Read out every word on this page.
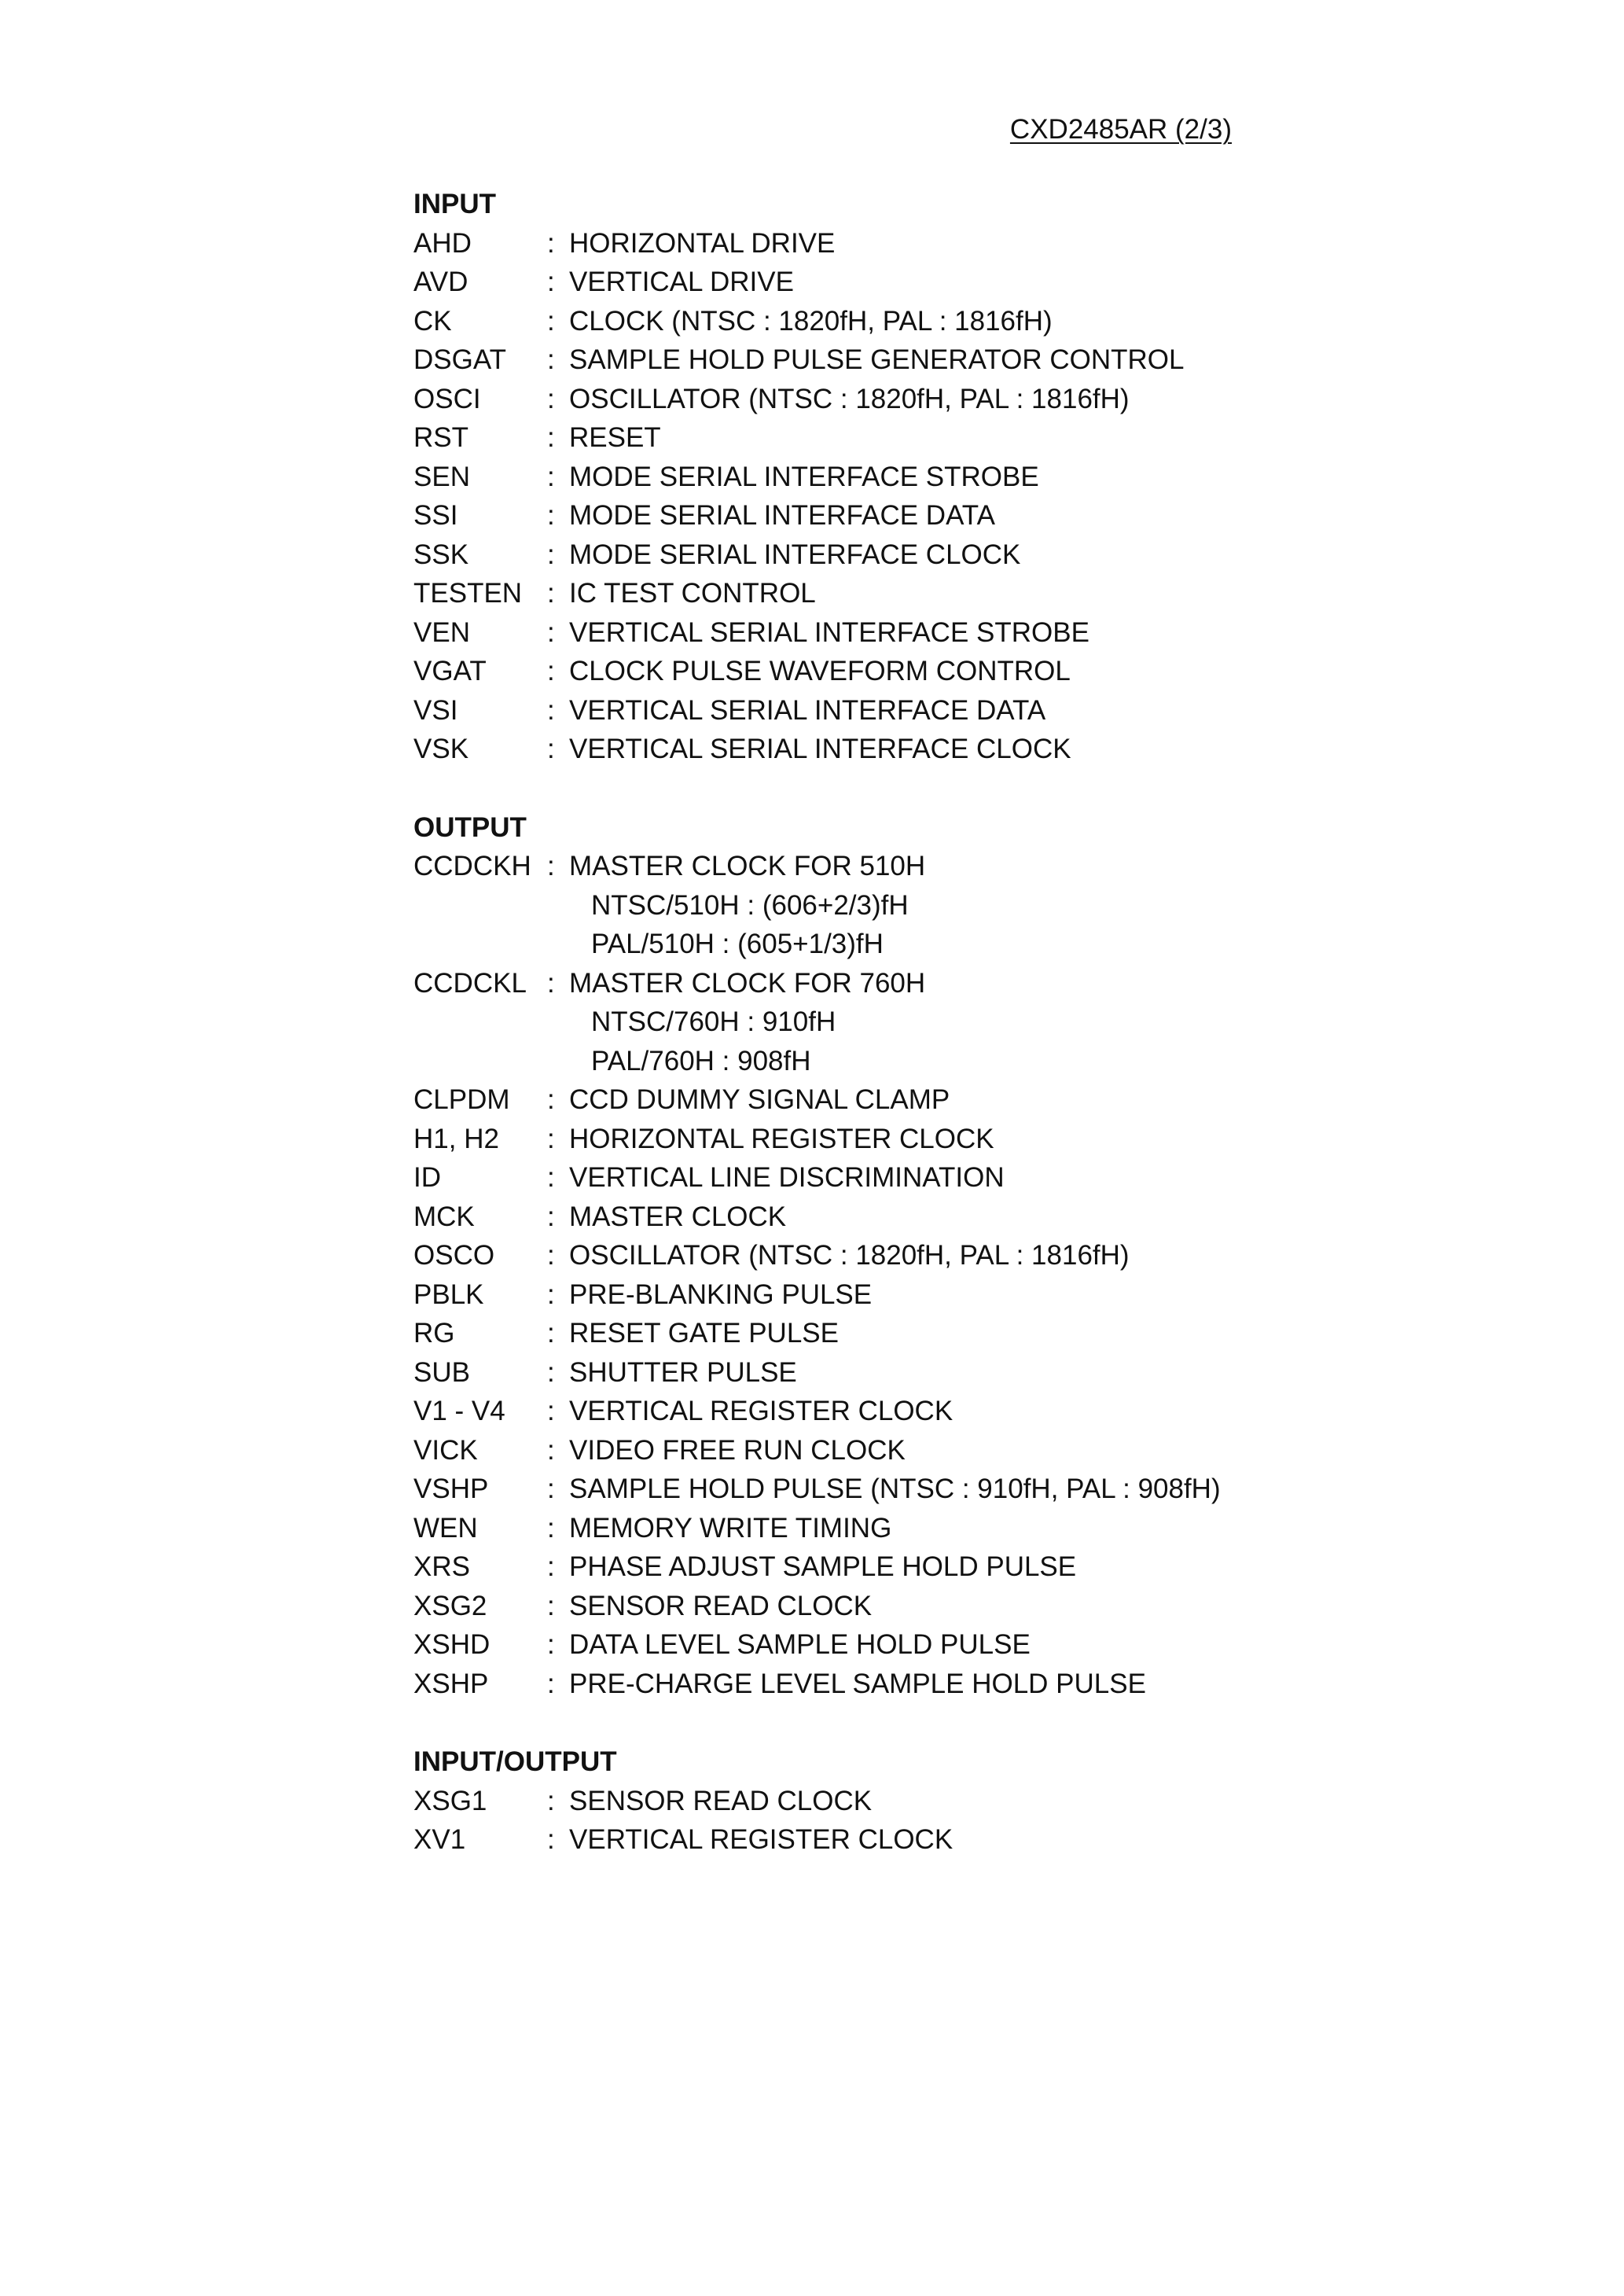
CXD2485AR (2/3)
INPUT
AHD	: HORIZONTAL DRIVE
AVD	: VERTICAL DRIVE
CK	: CLOCK (NTSC : 1820fH, PAL : 1816fH)
DSGAT	: SAMPLE HOLD PULSE GENERATOR CONTROL
OSCI	: OSCILLATOR (NTSC : 1820fH, PAL : 1816fH)
RST	: RESET
SEN	: MODE SERIAL INTERFACE STROBE
SSI	: MODE SERIAL INTERFACE DATA
SSK	: MODE SERIAL INTERFACE CLOCK
TESTEN : IC TEST CONTROL
VEN	: VERTICAL SERIAL INTERFACE STROBE
VGAT	: CLOCK PULSE WAVEFORM CONTROL
VSI	: VERTICAL SERIAL INTERFACE DATA
VSK	: VERTICAL SERIAL INTERFACE CLOCK
OUTPUT
CCDCKH : MASTER CLOCK FOR 510H
NTSC/510H : (606+2/3)fH
PAL/510H : (605+1/3)fH
CCDCKL : MASTER CLOCK FOR 760H
NTSC/760H : 910fH
PAL/760H : 908fH
CLPDM	: CCD DUMMY SIGNAL CLAMP
H1, H2	: HORIZONTAL REGISTER CLOCK
ID	: VERTICAL LINE DISCRIMINATION
MCK	: MASTER CLOCK
OSCO	: OSCILLATOR (NTSC : 1820fH, PAL : 1816fH)
PBLK	: PRE-BLANKING PULSE
RG	: RESET GATE PULSE
SUB	: SHUTTER PULSE
V1 - V4	: VERTICAL REGISTER CLOCK
VICK	: VIDEO FREE RUN CLOCK
VSHP	: SAMPLE HOLD PULSE (NTSC : 910fH, PAL : 908fH)
WEN	: MEMORY WRITE TIMING
XRS	: PHASE ADJUST SAMPLE HOLD PULSE
XSG2	: SENSOR READ CLOCK
XSHD	: DATA LEVEL SAMPLE HOLD PULSE
XSHP	: PRE-CHARGE LEVEL SAMPLE HOLD PULSE
INPUT/OUTPUT
XSG1	: SENSOR READ CLOCK
XV1	: VERTICAL REGISTER CLOCK
